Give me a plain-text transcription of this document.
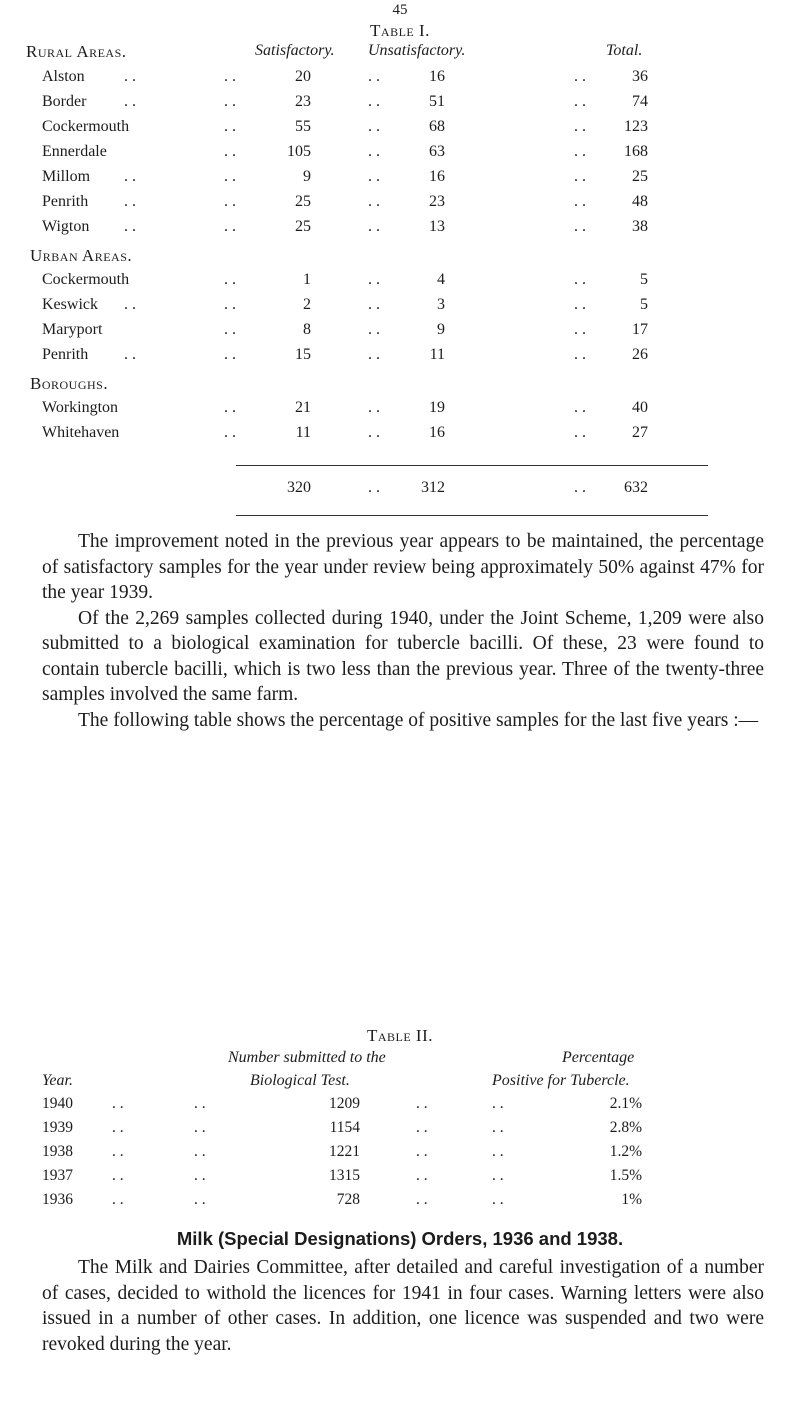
45
Table I.
Rural Areas.	Satisfactory. Unsatisfactory.	Total.
Alston . .	. .	20	. .	16	. .	36
Border . .	. .	23	. .	51	. .	74
Cockermouth	. .	55	. .	68	. .	123
Ennerdale	. .	105	. .	63	. .	168
Millom . .	. .	9	. .	16	. .	25
Penrith . .	. .	25	. .	23	. .	48
Wigton . .	. .	25	. .	13	. .	38
Urban Areas.
Cockermouth	. .	1	. .	4	. .	5
Keswick . .	. .	2	. .	3	. .	5
Maryport	. .	8	. .	9	. .	17
Penrith . .	. .	15	. .	11	. .	26
Boroughs.
Workington	. .	21	. .	19	. .	40
Whitehaven	. .	11	. .	16	. .	27
320	. .	312	. .	632

The improvement noted in the previous year appears to be maintained, the percentage of satisfactory samples for the year under review being approximately 50% against 47% for the year 1939.

Of the 2,269 samples collected during 1940, under the Joint Scheme, 1,209 were also submitted to a biological examination for tubercle bacilli. Of these, 23 were found to contain tubercle bacilli, which is two less than the previous year. Three of the twenty-three samples involved the same farm.

The following table shows the percentage of positive samples for the last five years :—

Table II.
Number submitted to the	Percentage
Year.	Biological Test.	Positive for Tubercle.
1940	. .	. .	1209	. .	. .	2.1%
1939	. .	. .	1154	. .	. .	2.8%
1938	. .	. .	1221	. .	. .	1.2%
1937	. .	. .	1315	. .	. .	1.5%
1936	. .	. .	728	. .	. .	1%
Milk (Special Designations) Orders, 1936 and 1938.

The Milk and Dairies Committee, after detailed and careful investigation of a number of cases, decided to withold the licences for 1941 in four cases. Warning letters were also issued in a number of other cases. In addition, one licence was suspended and two were revoked during the year.
